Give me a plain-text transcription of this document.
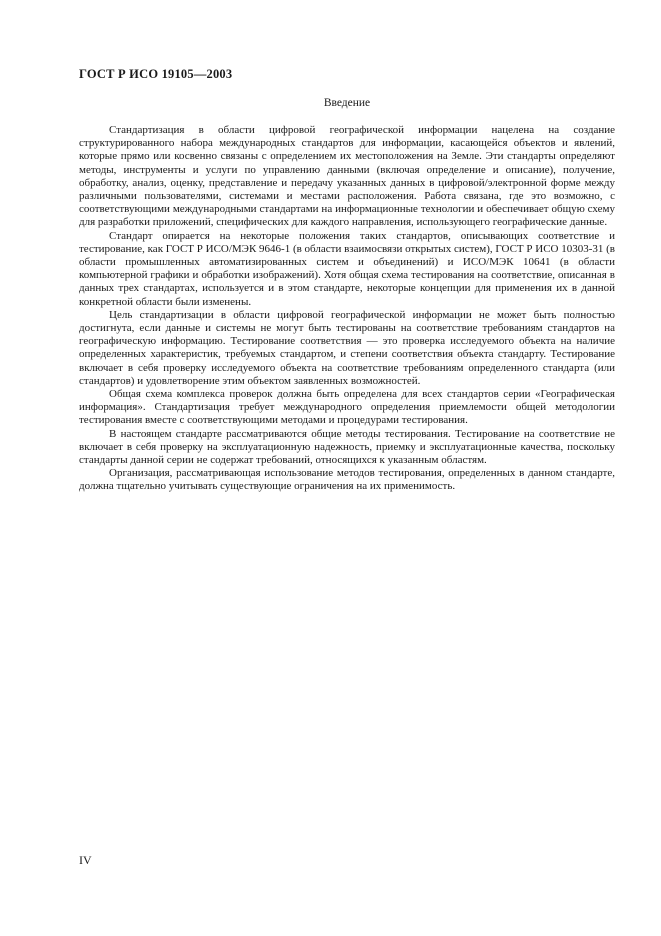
ГОСТ Р ИСО 19105—2003
Введение

Стандартизация в области цифровой географической информации нацелена на создание структурированного набора международных стандартов для информации, касающейся объектов и явлений, которые прямо или косвенно связаны с определением их местоположения на Земле. Эти стандарты определяют методы, инструменты и услуги по управлению данными (включая определение и описание), получение, обработку, анализ, оценку, представление и передачу указанных данных в цифровой/электронной форме между различными пользователями, системами и местами расположения. Работа связана, где это возможно, с соответствующими международными стандартами на информационные технологии и обеспечивает общую схему для разработки приложений, специфических для каждого направления, использующего географические данные.

Стандарт опирается на некоторые положения таких стандартов, описывающих соответствие и тестирование, как ГОСТ Р ИСО/МЭК 9646-1 (в области взаимосвязи открытых систем), ГОСТ Р ИСО 10303-31 (в области промышленных автоматизированных систем и объединений) и ИСО/МЭК 10641 (в области компьютерной графики и обработки изображений). Хотя общая схема тестирования на соответствие, описанная в данных трех стандартах, используется и в этом стандарте, некоторые концепции для применения их в данной конкретной области были изменены.

Цель стандартизации в области цифровой географической информации не может быть полностью достигнута, если данные и системы не могут быть тестированы на соответствие требованиям стандартов на географическую информацию. Тестирование соответствия — это проверка исследуемого объекта на наличие определенных характеристик, требуемых стандартом, и степени соответствия объекта стандарту. Тестирование включает в себя проверку исследуемого объекта на соответствие требованиям определенного стандарта (или стандартов) и удовлетворение этим объектом заявленных возможностей.

Общая схема комплекса проверок должна быть определена для всех стандартов серии «Географическая информация». Стандартизация требует международного определения приемлемости общей методологии тестирования вместе с соответствующими методами и процедурами тестирования.

В настоящем стандарте рассматриваются общие методы тестирования. Тестирование на соответствие не включает в себя проверку на эксплуатационную надежность, приемку и эксплуатационные качества, поскольку стандарты данной серии не содержат требований, относящихся к указанным областям.

Организация, рассматривающая использование методов тестирования, определенных в данном стандарте, должна тщательно учитывать существующие ограничения на их применимость.

IV
